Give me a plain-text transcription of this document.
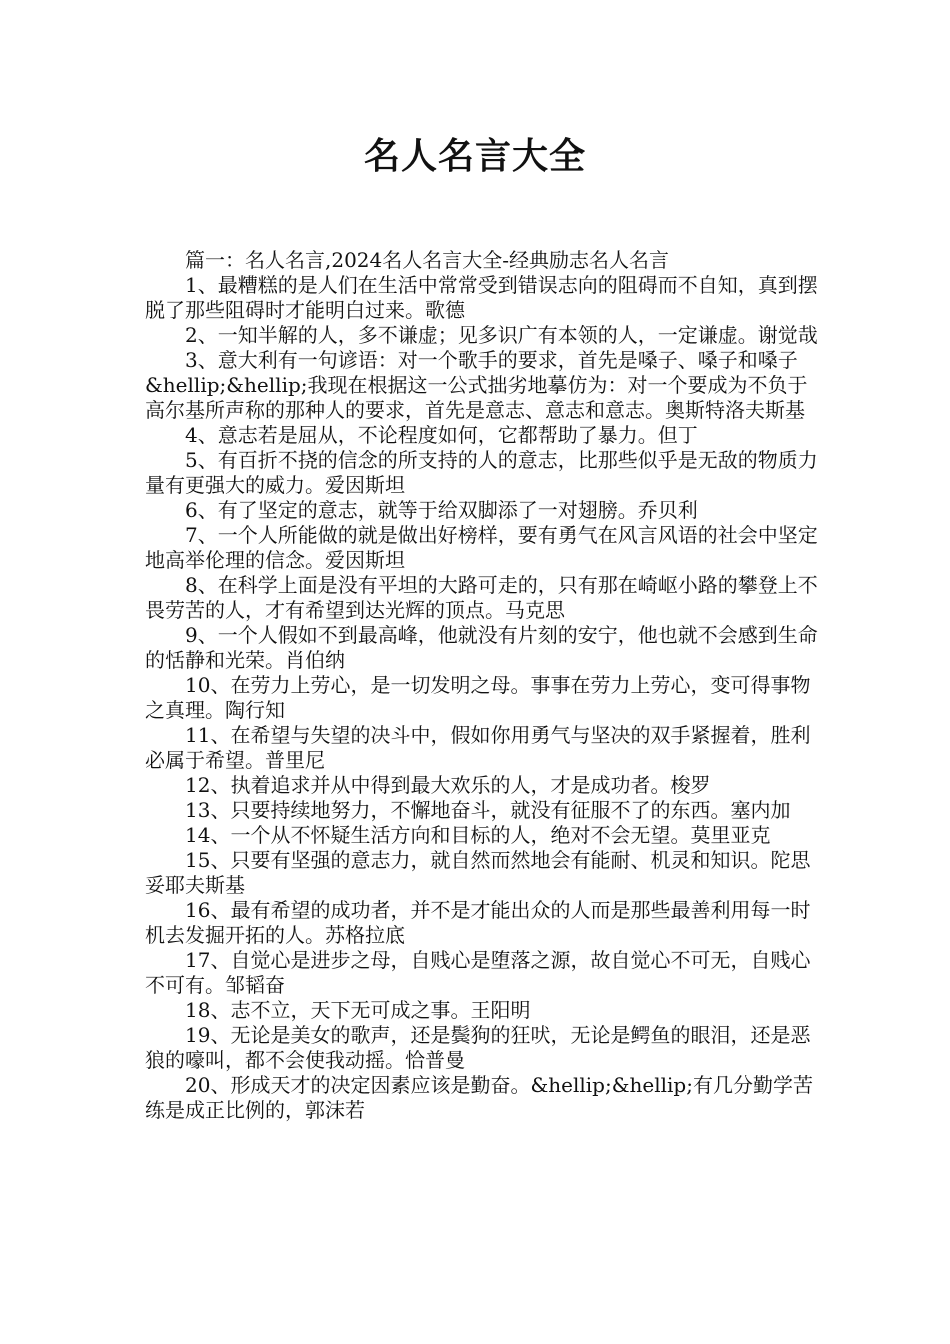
名人名言大全

篇一：名人名言,2024名人名言大全-经典励志名人名言

1、最糟糕的是人们在生活中常常受到错误志向的阻碍而不自知，真到摆脱了那些阻碍时才能明白过来。歌德

2、一知半解的人，多不谦虚；见多识广有本领的人，一定谦虚。谢觉哉

3、意大利有一句谚语：对一个歌手的要求，首先是嗓子、嗓子和嗓子&hellip;&hellip;我现在根据这一公式拙劣地摹仿为：对一个要成为不负于高尔基所声称的那种人的要求，首先是意志、意志和意志。奥斯特洛夫斯基

4、意志若是屈从，不论程度如何，它都帮助了暴力。但丁

5、有百折不挠的信念的所支持的人的意志，比那些似乎是无敌的物质力量有更强大的威力。爱因斯坦

6、有了坚定的意志，就等于给双脚添了一对翅膀。乔贝利

7、一个人所能做的就是做出好榜样，要有勇气在风言风语的社会中坚定地高举伦理的信念。爱因斯坦

8、在科学上面是没有平坦的大路可走的，只有那在崎岖小路的攀登上不畏劳苦的人，才有希望到达光辉的顶点。马克思

9、一个人假如不到最高峰，他就没有片刻的安宁，他也就不会感到生命的恬静和光荣。肖伯纳

10、在劳力上劳心，是一切发明之母。事事在劳力上劳心，变可得事物之真理。陶行知

11、在希望与失望的决斗中，假如你用勇气与坚决的双手紧握着，胜利必属于希望。普里尼

12、执着追求并从中得到最大欢乐的人，才是成功者。梭罗

13、只要持续地努力，不懈地奋斗，就没有征服不了的东西。塞内加

14、一个从不怀疑生活方向和目标的人，绝对不会无望。莫里亚克

15、只要有坚强的意志力，就自然而然地会有能耐、机灵和知识。陀思妥耶夫斯基

16、最有希望的成功者，并不是才能出众的人而是那些最善利用每一时机去发掘开拓的人。苏格拉底

17、自觉心是进步之母，自贱心是堕落之源，故自觉心不可无，自贱心不可有。邹韬奋

18、志不立，天下无可成之事。王阳明

19、无论是美女的歌声，还是鬓狗的狂吠，无论是鳄鱼的眼泪，还是恶狼的嚎叫，都不会使我动摇。恰普曼

20、形成天才的决定因素应该是勤奋。&hellip;&hellip;有几分勤学苦练是成正比例的，郭沫若
